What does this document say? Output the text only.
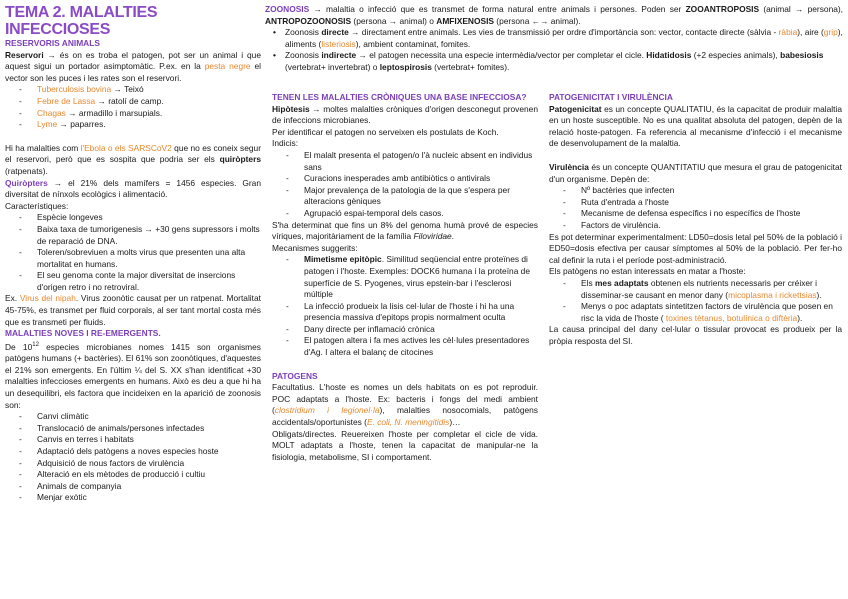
TEMA 2. MALALTIES INFECCIOSES
RESERVORIS ANIMALS

Reservori → és on es troba el patogen, pot ser un animal i que aquest sigui un portador asimptomàtic. P.ex. en la pesta negre el vector son les puces i les rates son el reservori.

- Tuberculosis bovina → Teixó
- Febre de Lassa → ratolí de camp.
- Chagas → armadillo i marsupials.
- Lyme → paparres.

Hi ha malalties com l'Ebola o els SARSCoV2 que no es coneix segur el reservori, però que es sospita que podria ser els quiròpters (ratpenats).

Quiròpters → el 21% dels mamífers = 1456 especies. Gran diversitat de nínxols ecològics i alimentació.

Característiques:

- Espècie longeves
- Baixa taxa de tumorigenesis → +30 gens supressors i molts de reparació de DNA.
- Toleren/sobreviuen a molts virus que presenten una alta mortalitat en humans.
- El seu genoma conte la major diversitat de insercions d'origen retro i no retroviral.

Ex. Virus del nipah. Virus zoonòtic causat per un ratpenat. Mortalitat 45-75%, es transmet per fluid corporals, al ser tant mortal costa més que es transmeti per fluids.

MALALTIES NOVES I RE-EMERGENTS.

De $10^{12}$ especies microbianes nomes 1415 son organismes patògens humans (+ bactèries). El 61% son zoonòtiques, d'aquestes el 21% son emergents. En l'últim ¼ del S. XX s'han identificat +30 malalties infeccioses emergents en humans. Això es deu a que hi ha un desequilibri, els factora que incideixen en la aparició de zoonosis son:

- Canvi climàtic
- Translocació de animals/persones infectades
- Canvis en terres i habitats
- Adaptació dels patògens a noves especies hoste
- Adquisició de nous factors de virulència
- Alteració en els mètodes de producció i cultiu
- Animals de companyia
- Menjar exòtic

ZOONOSIS → malaltia o infecció que es transmet de forma natural entre animals i persones. Poden ser ZOOANTROPOSIS (animal → persona), ANTROPOZOONOSIS (persona → animal) o AMFIXENOSIS (persona ←→ animal).

• Zoonosis directe → directament entre animals. Les vies de transmissió per ordre d'importància son: vector, contacte directe (sàlvia - ràbia), aire (grip), aliments (listeriosis), ambient contaminat, fomites.
• Zoonosis indirecte → el patogen necessita una especie intermèdia/vector per completar el cicle. Hidatidosis (+2 especies animals), babesiosis (vertebrat+ invertebrat) o leptospirosis (vertebrat+ fomites).

TENEN LES MALALTIES CRÒNIQUES UNA BASE INFECCIOSA?

Hipòtesis → moltes malalties cròniques d'origen desconegut provenen de infeccions microbianes.

Per identificar el patogen no serveixen els postulats de Koch.

Indicis:

- El malalt presenta el patogen/o l'à nucleic absent en individus sans
- Curacions inesperades amb antibiòtics o antivirals
- Major prevalença de la patologia de la que s'espera per alteracions gèniques
- Agrupació espai-temporal dels casos.

S'ha determinat que fins un 8% del genoma humà prové de especies víriques, majoritàriament de la família Filoviridae.

Mecanismes suggerits:

- Mimetisme epitòpic. Similitud seqüencial entre proteïnes di patogen i l'hoste. Exemples: DOCK6 humana i la proteïna de superfície de S. Pyogenes, virus epstein-bar i l'esclerosi múltiple
- La infecció produeix la lisis cel·lular de l'hoste i hi ha una presencia massiva d'epitops propis normalment oculta
- Dany directe per inflamació crònica
- El patogen altera i fa mes actives les cèl·lules presentadores d'Ag. I altera el balanç de citocines

PATOGENS

Facultatius. L'hoste es nomes un dels habitats on es pot reproduir. POC adaptats a l'hoste. Ex: bacteris i fongs del medi ambient (clostridium i legionel·la), malalties nosocomials, patògens accidentals/oportunistes (E. coli, N. meningitidis)…

Obligats/directes. Reuereixen l'hoste per completar el cicle de vida. MOLT adaptats a l'hoste, tenen la capacitat de manipular-ne la fisiologia, metabolisme, SI i comportament.

PATOGENICITAT I VIRULÈNCIA

Patogenicitat es un concepte QUALITATIU, és la capacitat de produir malaltia en un hoste susceptible. No es una qualitat absoluta del patogen, depèn de la relació hoste-patogen. Fa referencia al mecanisme d'infecció i el mecanisme de desenvolupament de la malaltia.

Virulència és un concepte QUANTITATIU que mesura el grau de patogenicitat d'un organisme. Depèn de:

- Nº bactèries que infecten
- Ruta d'entrada a l'hoste
- Mecanisme de defensa específics i no específics de l'hoste
- Factors de virulència.

Es pot determinar experimentalment: LD50=dosis letal pel 50% de la població i ED50=dosis efectiva per causar símptomes al 50% de la població. Per fer-ho cal definir la ruta i el període post-administració.

Els patògens no estan interessats en matar a l'hoste:

- Els mes adaptats obtenen els nutrients necessaris per créixer i disseminar-se causant en menor dany (micoplasma i rickettsias).
- Menys o poc adaptats sintetitzen factors de virulència que posen en risc la vida de l'hoste ( toxines tètanus, botulínica o diftèria).

La causa principal del dany cel·lular o tissular provocat es produeix per la pròpia resposta del SI.
